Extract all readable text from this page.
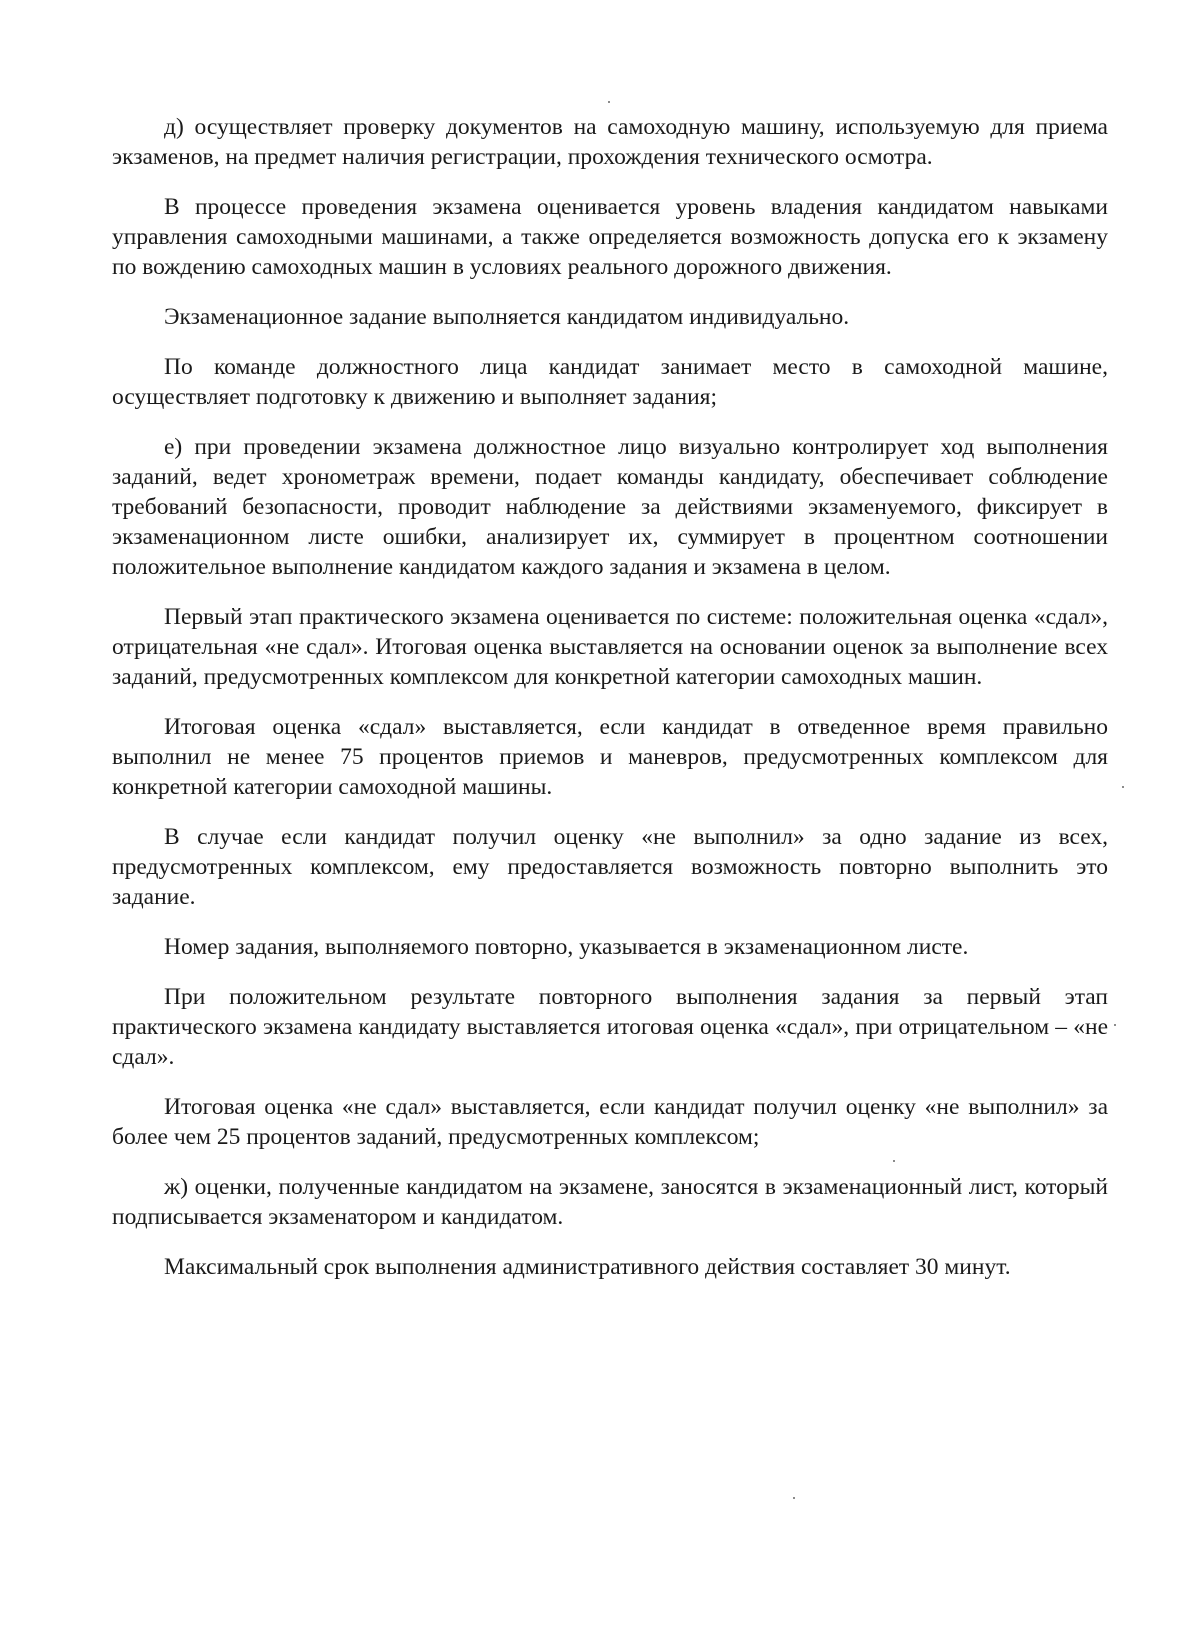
д) осуществляет проверку документов на самоходную машину, используемую для приема экзаменов, на предмет наличия регистрации, прохождения технического осмотра.

В процессе проведения экзамена оценивается уровень владения кандидатом навыками управления самоходными машинами, а также определяется возможность допуска его к экзамену по вождению самоходных машин в условиях реального дорожного движения.

Экзаменационное задание выполняется кандидатом индивидуально.

По команде должностного лица кандидат занимает место в самоходной машине, осуществляет подготовку к движению и выполняет задания;

е) при проведении экзамена должностное лицо визуально контролирует ход выполнения заданий, ведет хронометраж времени, подает команды кандидату, обеспечивает соблюдение требований безопасности, проводит наблюдение за действиями экзаменуемого, фиксирует в экзаменационном листе ошибки, анализирует их, суммирует в процентном соотношении положительное выполнение кандидатом каждого задания и экзамена в целом.

Первый этап практического экзамена оценивается по системе: положительная оценка «сдал», отрицательная «не сдал». Итоговая оценка выставляется на основании оценок за выполнение всех заданий, предусмотренных комплексом для конкретной категории самоходных машин.

Итоговая оценка «сдал» выставляется, если кандидат в отведенное время правильно выполнил не менее 75 процентов приемов и маневров, предусмотренных комплексом для конкретной категории самоходной машины.

В случае если кандидат получил оценку «не выполнил» за одно задание из всех, предусмотренных комплексом, ему предоставляется возможность повторно выполнить это задание.

Номер задания, выполняемого повторно, указывается в экзаменационном листе.

При положительном результате повторного выполнения задания за первый этап практического экзамена кандидату выставляется итоговая оценка «сдал», при отрицательном – «не сдал».

Итоговая оценка «не сдал» выставляется, если кандидат получил оценку «не выполнил» за более чем 25 процентов заданий, предусмотренных комплексом;

ж) оценки, полученные кандидатом на экзамене, заносятся в экзаменационный лист, который подписывается экзаменатором и кандидатом.

Максимальный срок выполнения административного действия составляет 30 минут.
